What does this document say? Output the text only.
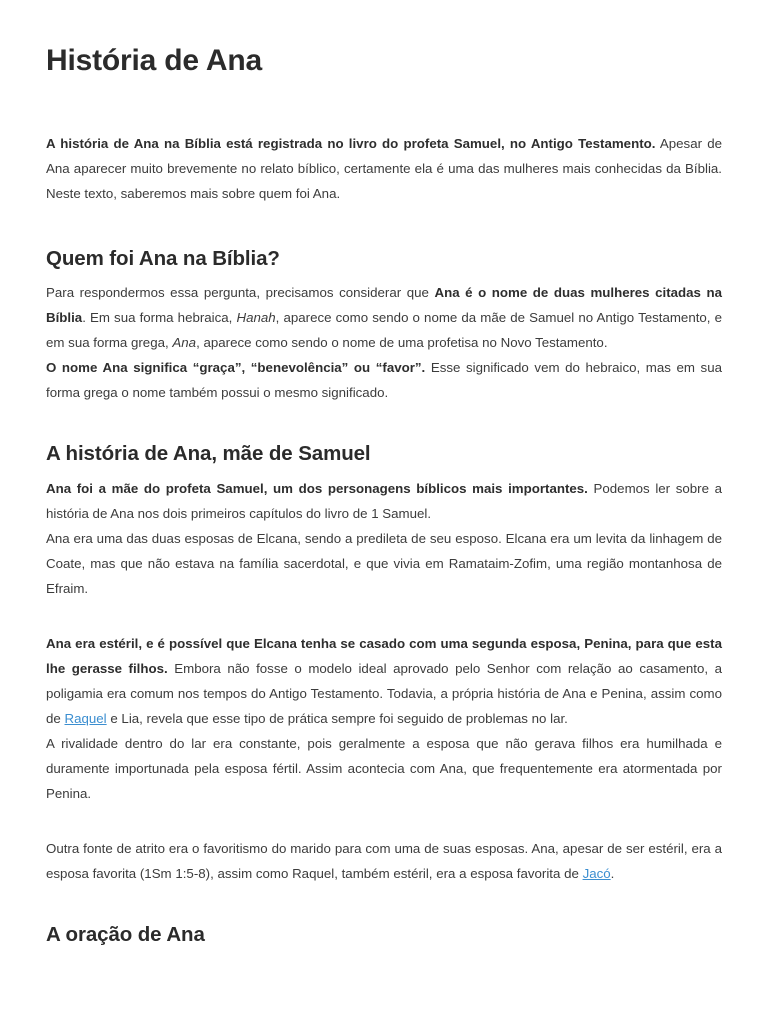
História de Ana

A história de Ana na Bíblia está registrada no livro do profeta Samuel, no Antigo Testamento. Apesar de Ana aparecer muito brevemente no relato bíblico, certamente ela é uma das mulheres mais conhecidas da Bíblia. Neste texto, saberemos mais sobre quem foi Ana.

Quem foi Ana na Bíblia?

Para respondermos essa pergunta, precisamos considerar que Ana é o nome de duas mulheres citadas na Bíblia. Em sua forma hebraica, Hanah, aparece como sendo o nome da mãe de Samuel no Antigo Testamento, e em sua forma grega, Ana, aparece como sendo o nome de uma profetisa no Novo Testamento.

O nome Ana significa “graça”, “benevolência” ou “favor”. Esse significado vem do hebraico, mas em sua forma grega o nome também possui o mesmo significado.

A história de Ana, mãe de Samuel

Ana foi a mãe do profeta Samuel, um dos personagens bíblicos mais importantes. Podemos ler sobre a história de Ana nos dois primeiros capítulos do livro de 1 Samuel.

Ana era uma das duas esposas de Elcana, sendo a predileta de seu esposo. Elcana era um levita da linhagem de Coate, mas que não estava na família sacerdotal, e que vivia em Ramataim-Zofim, uma região montanhosa de Efraim.

Ana era estéril, e é possível que Elcana tenha se casado com uma segunda esposa, Penina, para que esta lhe gerasse filhos. Embora não fosse o modelo ideal aprovado pelo Senhor com relação ao casamento, a poligamia era comum nos tempos do Antigo Testamento. Todavia, a própria história de Ana e Penina, assim como de Raquel e Lia, revela que esse tipo de prática sempre foi seguido de problemas no lar.

A rivalidade dentro do lar era constante, pois geralmente a esposa que não gerava filhos era humilhada e duramente importunada pela esposa fértil. Assim acontecia com Ana, que frequentemente era atormentada por Penina.

Outra fonte de atrito era o favoritismo do marido para com uma de suas esposas. Ana, apesar de ser estéril, era a esposa favorita (1Sm 1:5-8), assim como Raquel, também estéril, era a esposa favorita de Jacó.

A oração de Ana
